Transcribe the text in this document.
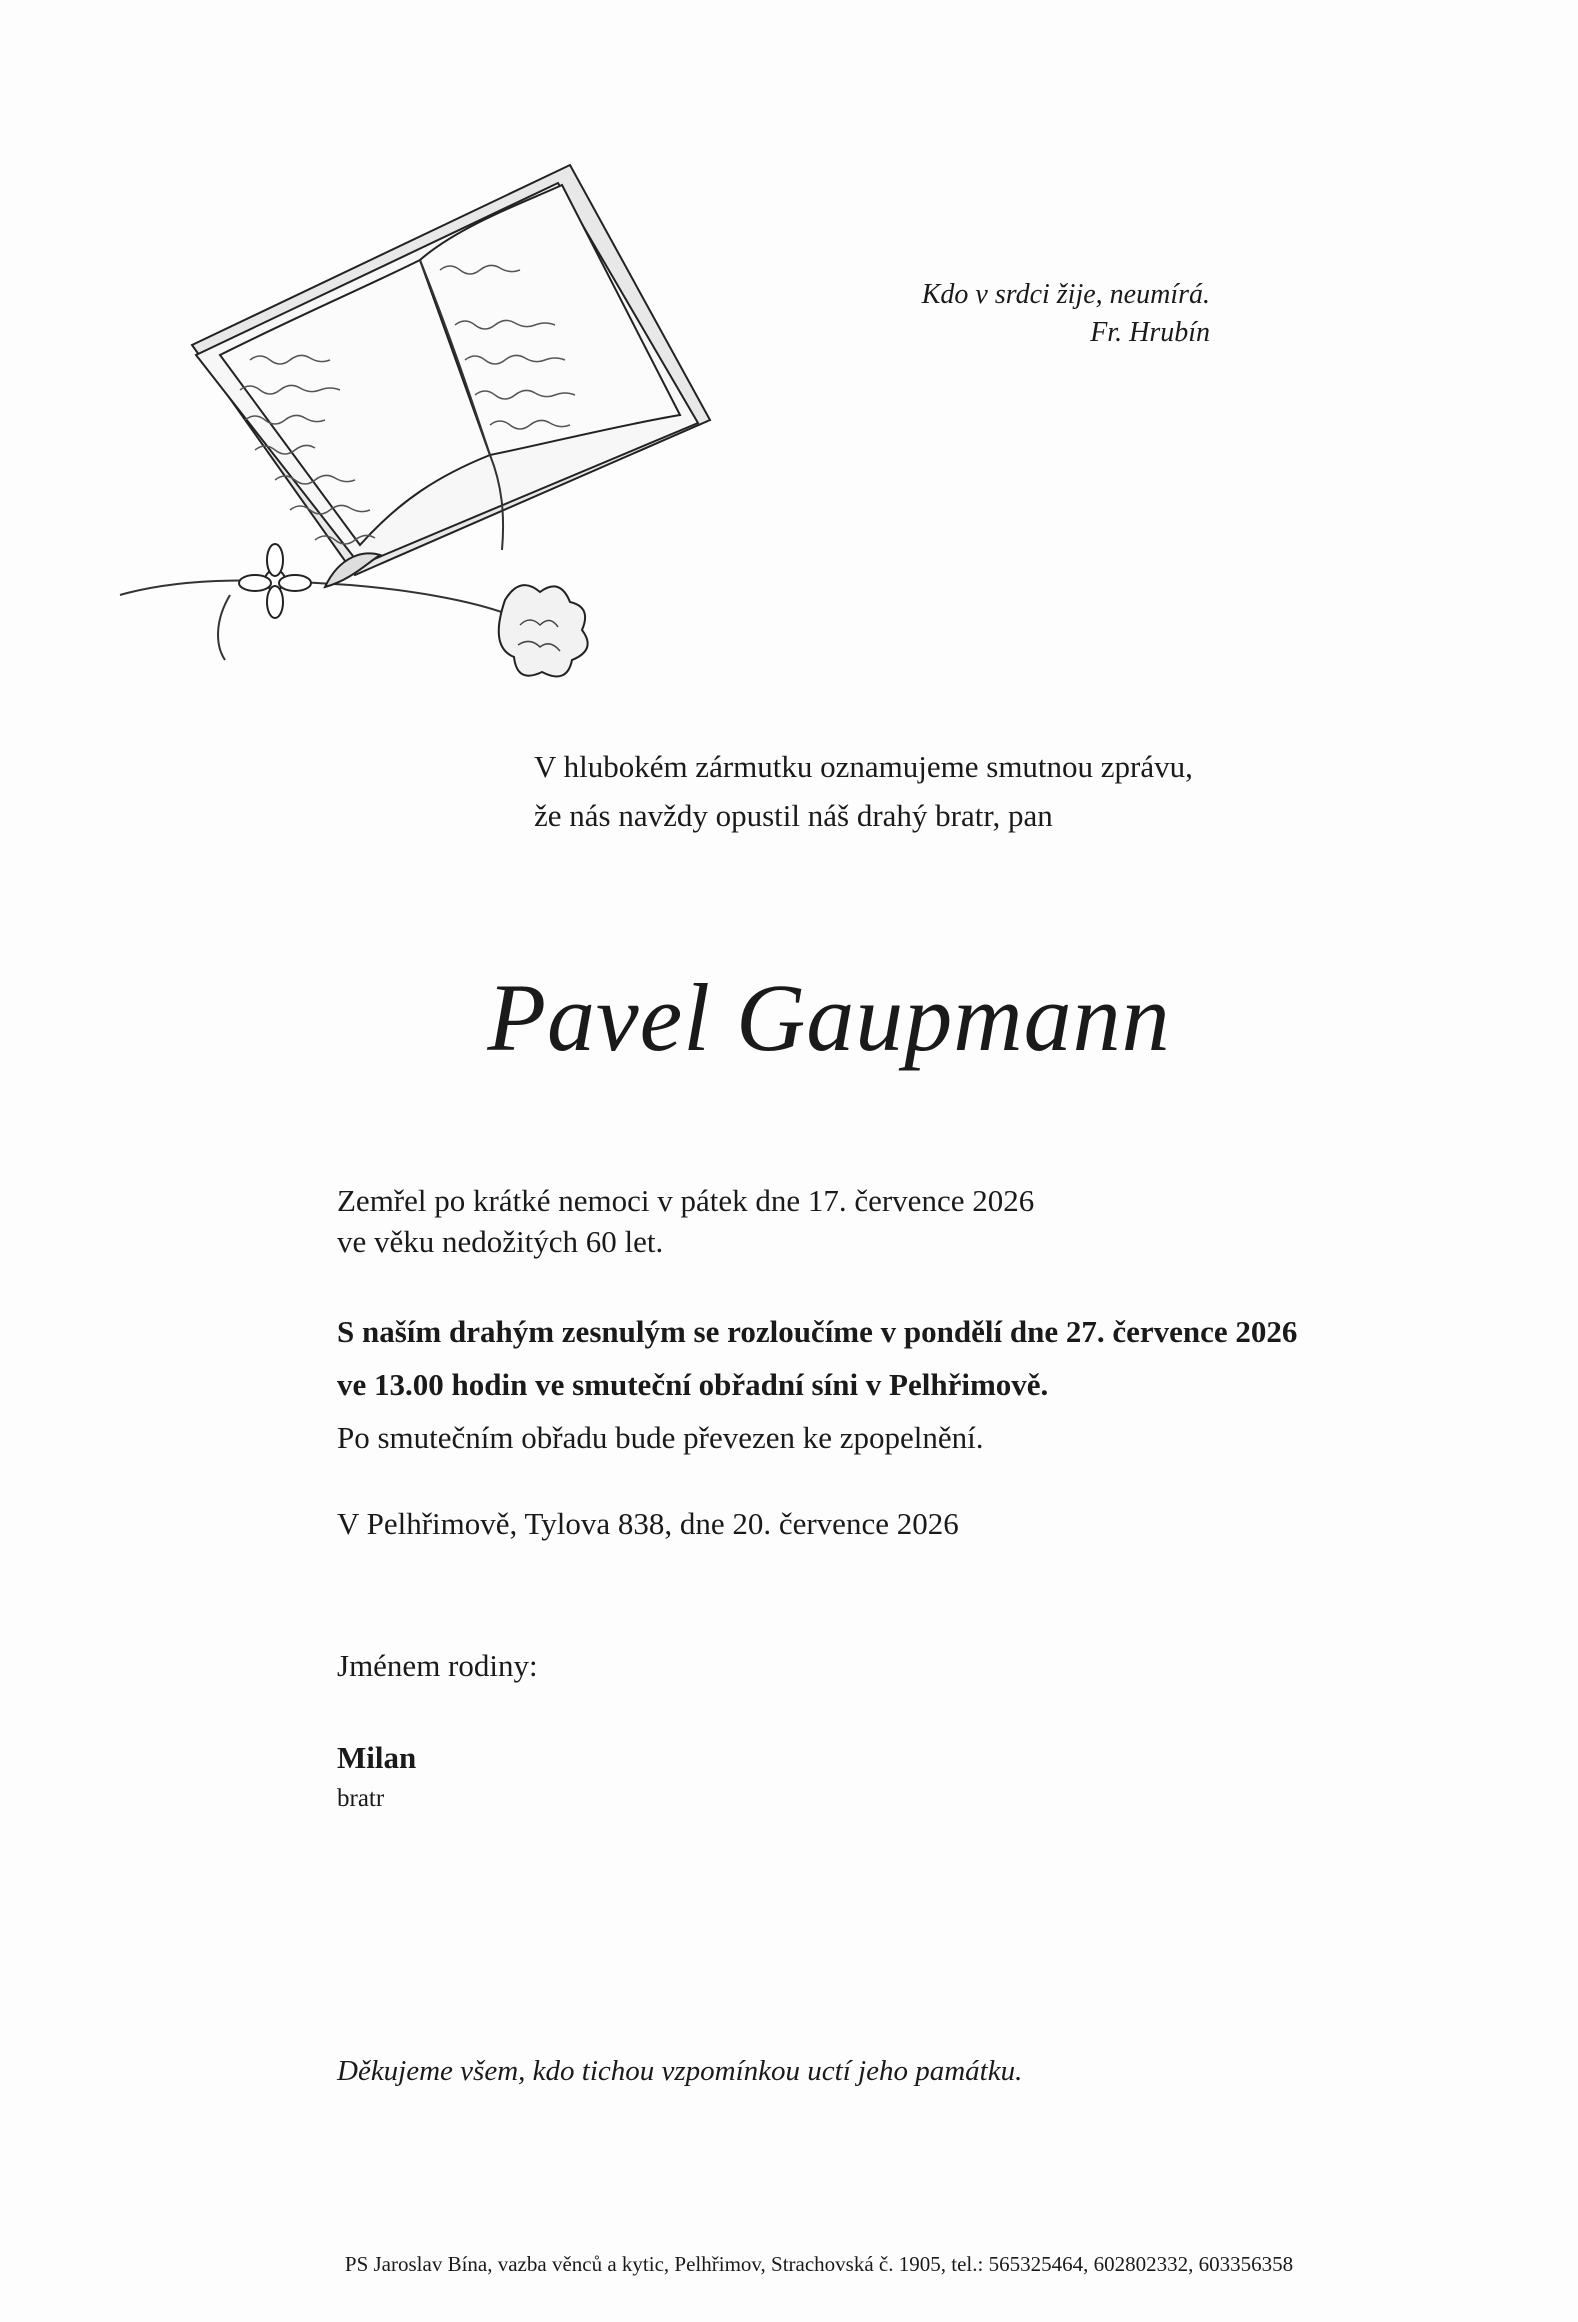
Kdo v srdci žije, neumírá.
Fr. Hrubín
V hlubokém zármutku oznamujeme smutnou zprávu,
že nás navždy opustil náš drahý bratr, pan
Pavel Gaupmann
Zemřel po krátké nemoci v pátek dne 17. července 2026
ve věku nedožitých 60 let.
S naším drahým zesnulým se rozloučíme v pondělí dne 27. července 2026
ve 13.00 hodin ve smuteční obřadní síni v Pelhřimově.
Po smutečním obřadu bude převezen ke zpopelnění.
V Pelhřimově, Tylova 838, dne 20. července 2026
Jménem rodiny:
Milan
bratr
Děkujeme všem, kdo tichou vzpomínkou uctí jeho památku.
PS Jaroslav Bína, vazba věnců a kytic, Pelhřimov, Strachovská č. 1905, tel.: 565325464, 602802332, 603356358
